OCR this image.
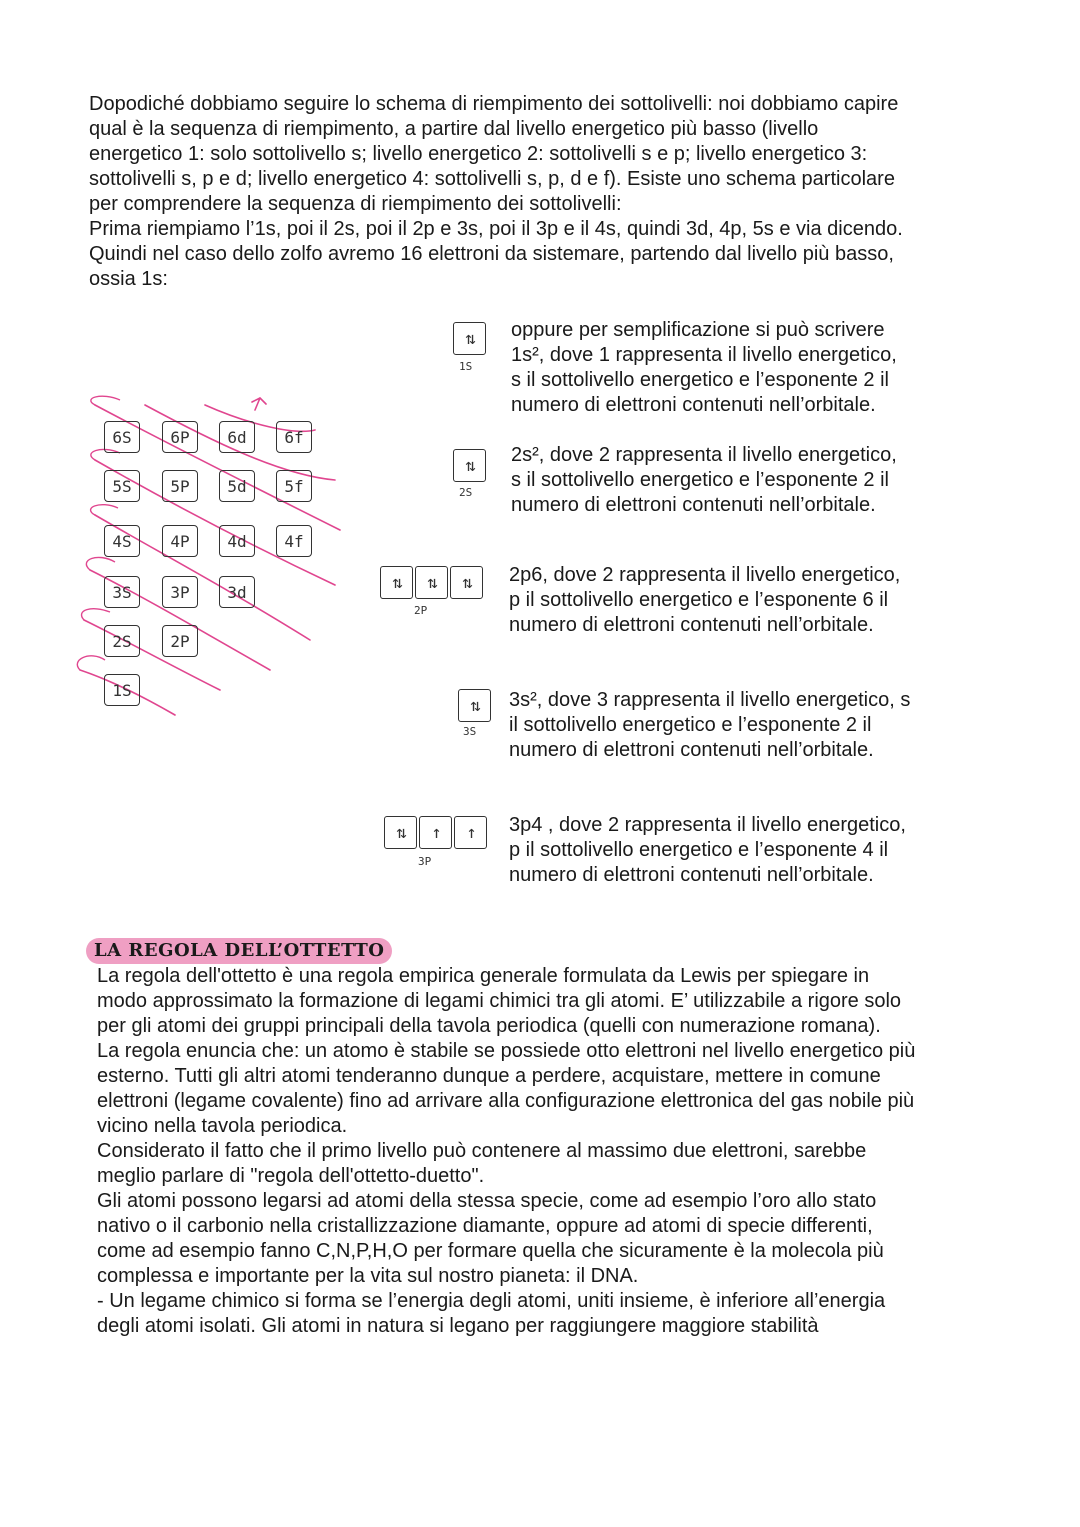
Dopodiché dobbiamo seguire lo schema di riempimento dei sottolivelli: noi dobbiamo capire
qual è la sequenza di riempimento, a partire dal livello energetico più basso (livello
energetico 1: solo sottolivello s; livello energetico 2: sottolivelli s e p; livello energetico 3:
sottolivelli s, p e d; livello energetico 4: sottolivelli s, p, d e f). Esiste uno schema particolare
per comprendere la sequenza di riempimento dei sottolivelli:
Prima riempiamo l’1s, poi il 2s, poi il 2p e 3s, poi il 3p e il 4s, quindi 3d, 4p, 5s e via dicendo.
Quindi nel caso dello zolfo avremo 16 elettroni da sistemare, partendo dal livello più basso,
ossia 1s:
6S	6P	6d	6f
5S	5P	5d	5f
4S	4P	4d	4f
3S	3P	3d
2S	2P
1S
⇅
1S
oppure per semplificazione si può scrivere
1s², dove 1 rappresenta il livello energetico,
s il sottolivello energetico e l’esponente 2 il
numero di elettroni contenuti nell’orbitale.
⇅
2S
2s², dove 2 rappresenta il livello energetico,
s il sottolivello energetico e l’esponente 2 il
numero di elettroni contenuti nell’orbitale.
⇅	⇅	⇅
2P
2p6, dove 2 rappresenta il livello energetico,
p il sottolivello energetico e l’esponente 6 il
numero di elettroni contenuti nell’orbitale.
⇅
3S
3s², dove 3 rappresenta il livello energetico, s
il sottolivello energetico e l’esponente 2 il
numero di elettroni contenuti nell’orbitale.
⇅	↑	↑
3P
3p4 , dove 2 rappresenta il livello energetico,
p il sottolivello energetico e l’esponente 4 il
numero di elettroni contenuti nell’orbitale.
LA REGOLA DELL’OTTETTO
La regola dell'ottetto è una regola empirica generale formulata da Lewis per spiegare in
modo approssimato la formazione di legami chimici tra gli atomi. E’ utilizzabile a rigore solo
per gli atomi dei gruppi principali della tavola periodica (quelli con numerazione romana).
La regola enuncia che: un atomo è stabile se possiede otto elettroni nel livello energetico più
esterno. Tutti gli altri atomi tenderanno dunque a perdere, acquistare, mettere in comune
elettroni (legame covalente) fino ad arrivare alla configurazione elettronica del gas nobile più
vicino nella tavola periodica.
Considerato il fatto che il primo livello può contenere al massimo due elettroni, sarebbe
meglio parlare di "regola dell'ottetto-duetto".
Gli atomi possono legarsi ad atomi della stessa specie, come ad esempio l’oro allo stato
nativo o il carbonio nella cristallizzazione diamante, oppure ad atomi di specie differenti,
come ad esempio fanno C,N,P,H,O per formare quella che sicuramente è la molecola più
complessa e importante per la vita sul nostro pianeta: il DNA.
- Un legame chimico si forma se l’energia degli atomi, uniti insieme, è inferiore all’energia
degli atomi isolati. Gli atomi in natura si legano per raggiungere maggiore stabilità
